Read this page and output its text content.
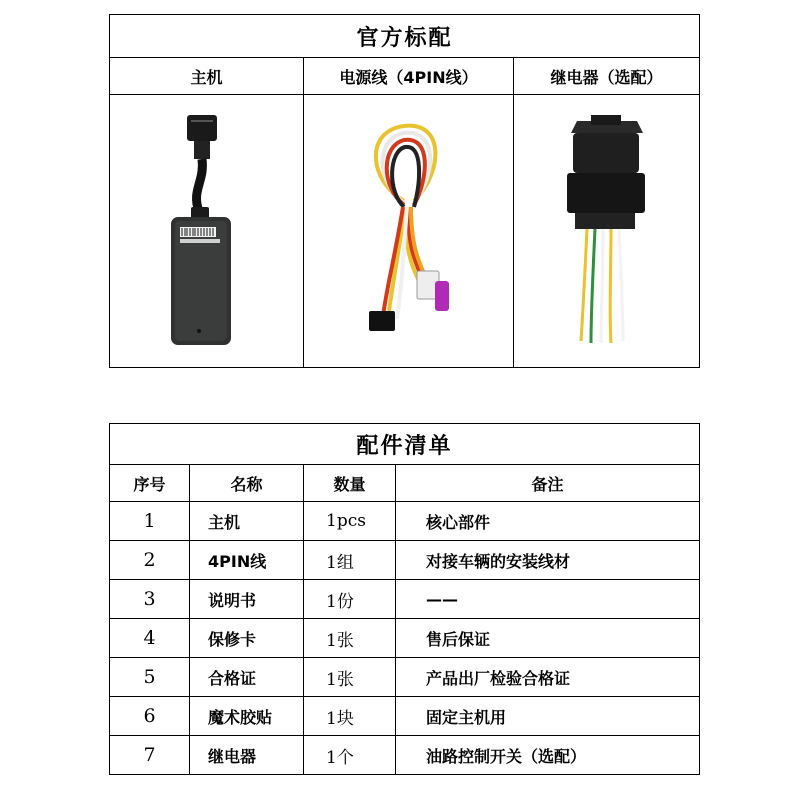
官方标配		
主机	电源线（4PIN线）	继电器（选配）

配件清单			
序号	名称	数量	备注
1	主机	1pcs	核心部件
2	4PIN线	1组	对接车辆的安装线材
3	说明书	1份	——
4	保修卡	1张	售后保证
5	合格证	1张	产品出厂检验合格证
6	魔术胶贴	1块	固定主机用
7	继电器	1个	油路控制开关（选配）
